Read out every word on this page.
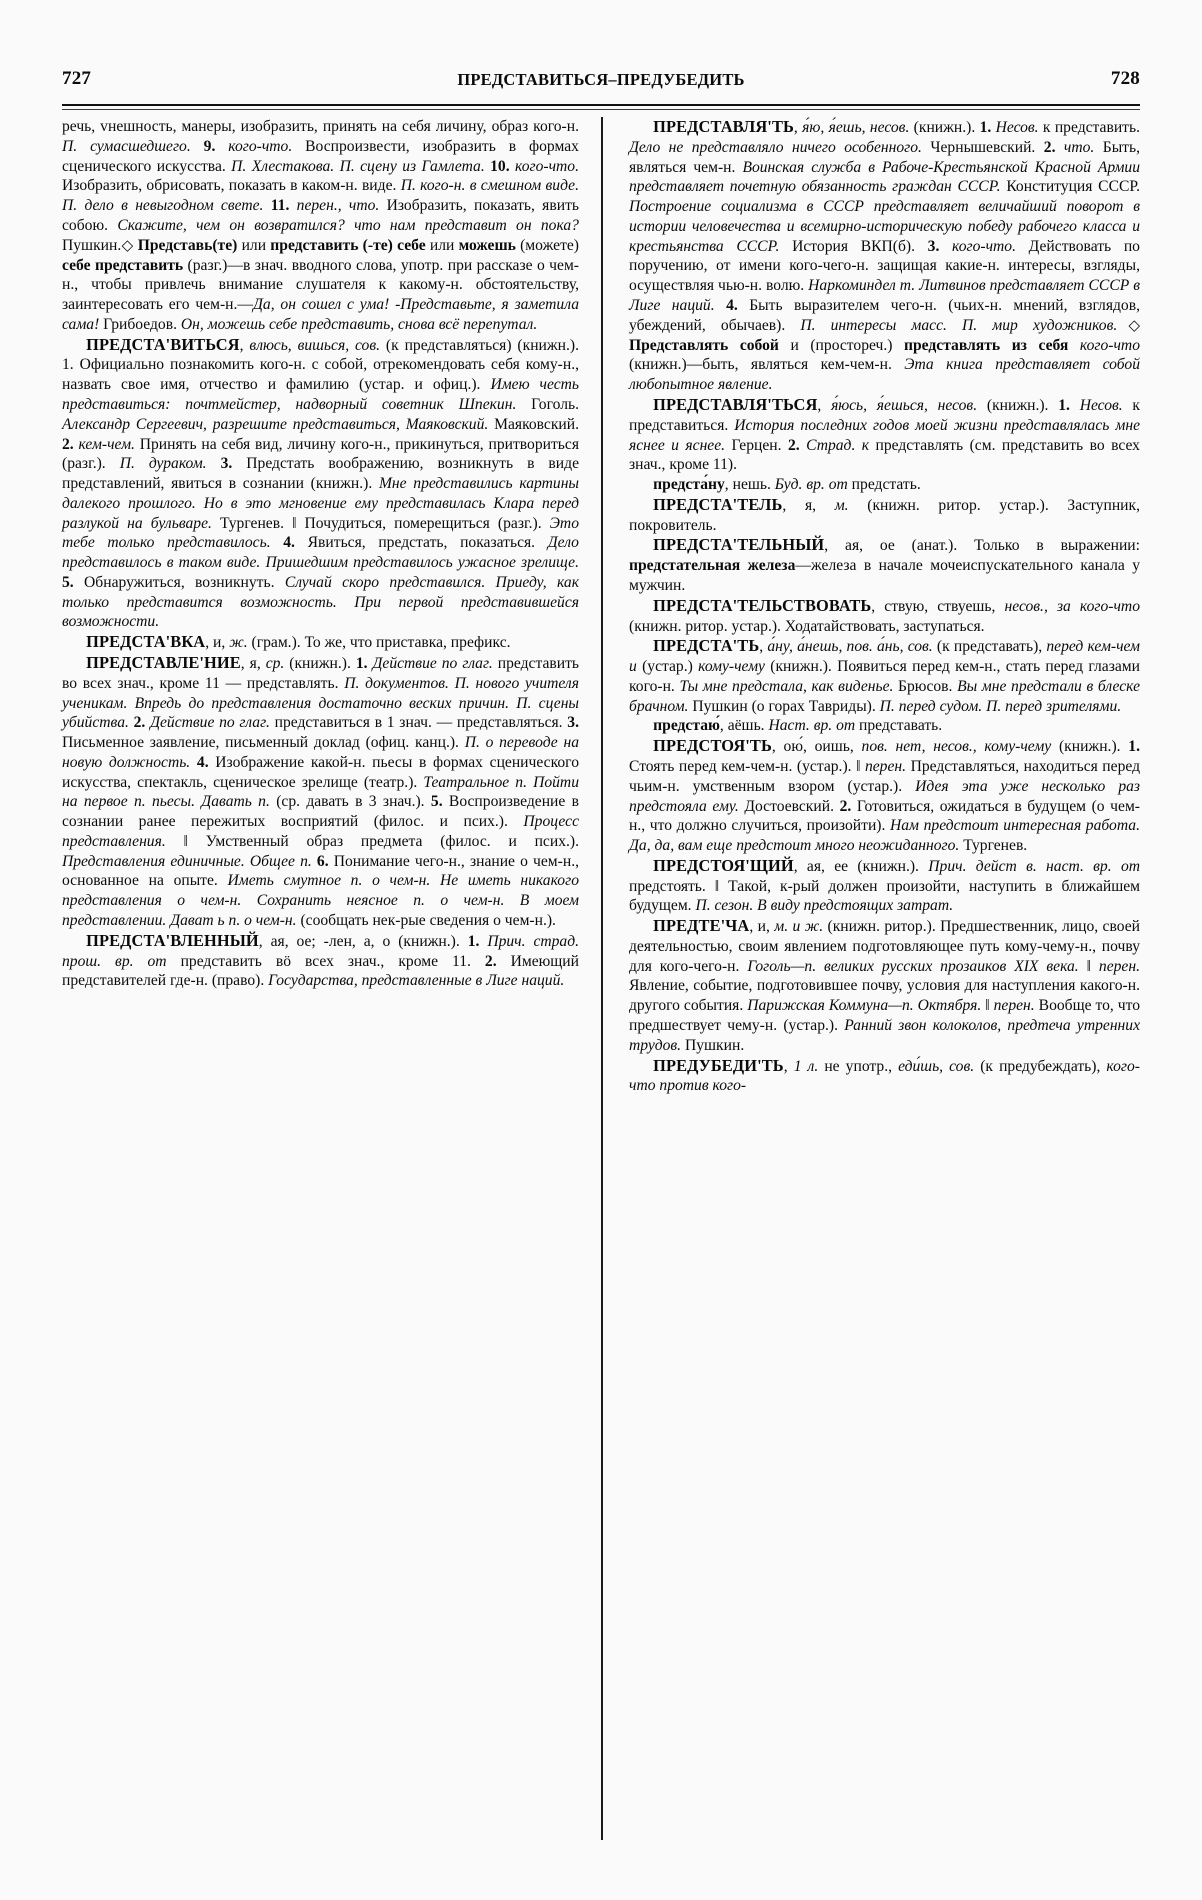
727	ПРЕДСТАВИТЬСЯ–ПРЕДУБЕДИТЬ	728

речь, ᴠнешность, манеры, изобразить, принять на себя личину, образ кого-н. П. сумасшедшего. 9. кого-что. Воспроизвести, изобразить в формах сценического искусства. П. Хлестакова. П. сцену из Гамлета. 10. кого-что. Изобразить, обрисовать, показать в каком-н. виде. П. кого-н. в смешном виде. П. дело в невыгодном свете. 11. перен., что. Изобразить, показать, явить собою. Скажите, чем он возвратился? что нам представит он пока? Пушкин.◇ Представь(те) или представить (-те) себе или можешь (можете) себе представить (разг.)—в знач. вводного слова, употр. при рассказе о чем-н., чтобы привлечь внимание слушателя к какому-н. обстоятельству, заинтересовать его чем-н.—Да, он сошел с ума! -Представьте, я заметила сама! Грибоедов. Он, можешь себе представить, снова всё перепутал.

ПРЕДСТА'ВИТЬСЯ, влюсь, вишься, сов. (к представляться) (книжн.). 1. Официально познакомить кого-н. с собой, отрекомендовать себя кому-н., назвать свое имя, отчество и фамилию (устар. и офиц.). Имею честь представиться: почтмейстер, надворный советник Шпекин. Гоголь. Александр Сергеевич, разрешите представиться, Маяковский. Маяковский. 2. кем-чем. Принять на себя вид, личину кого-н., прикинуться, притвориться (разг.). П. дураком. 3. Предстать воображению, возникнуть в виде представлений, явиться в сознании (книжн.). Мне представились картины далекого прошлого. Но в это мгновение ему представилась Клара перед разлукой на бульваре. Тургенев. ‖ Почудиться, померещиться (разг.). Это тебе только представилось. 4. Явиться, предстать, показаться. Дело представилось в таком виде. Пришедшим представилось ужасное зрелище. 5. Обнаружиться, возникнуть. Случай скоро представился. Приеду, как только представится возможность. При первой представившейся возможности.

ПРЕДСТА'ВКА, и, ж. (грам.). То же, что приставка, префикс.

ПРЕДСТАВЛЕ'НИЕ, я, ср. (книжн.). 1. Действие по глаг. представить во всех знач., кроме 11 — представлять. П. документов. П. нового учителя ученикам. Впредь до представления достаточно веских причин. П. сцены убийства. 2. Действие по глаг. представиться в 1 знач. — представляться. 3. Письменное заявление, письменный доклад (офиц. канц.). П. о переводе на новую должность. 4. Изображение какой-н. пьесы в формах сценического искусства, спектакль, сценическое зрелище (театр.). Театральное п. Пойти на первое п. пьесы. Давать п. (ср. давать в 3 знач.). 5. Воспроизведение в сознании ранее пережитых восприятий (филос. и псих.). Процесс представления. ‖ Умственный образ предмета (филос. и псих.). Представления единичные. Общее п. 6. Понимание чего-н., знание о чем-н., основанное на опыте. Иметь смутное п. о чем-н. Не иметь никакого представления о чем-н. Сохранить неясное п. о чем-н. В моем представлении. Дават ь п. о чем-н. (сообщать нек-рые сведения о чем-н.).

ПРЕДСТА'ВЛЕННЫЙ, ая, ое; -лен, а, о (книжн.). 1. Прич. страд. прош. вр. от представить вӧ всех знач., кроме 11. 2. Имеющий представителей где-н. (право). Государства, представленные в Лиге наций.

ПРЕДСТАВЛЯ'ТЬ, я́ю, я́ешь, несов. (книжн.). 1. Несов. к представить. Дело не представляло ничего особенного. Чернышевский. 2. что. Быть, являться чем-н. Воинская служба в Рабоче-Крестьянской Красной Армии представляет почетную обязанность граждан СССР. Конституция СССР. Построение социализма в СССР представляет величайший поворот в истории человечества и всемирно-историческую победу рабочего класса и крестьянства СССР. История ВКП(б). 3. кого-что. Действовать по поручению, от имени кого-чего-н. защищая какие-н. интересы, взгляды, осуществляя чью-н. волю. Наркоминдел т. Литвинов представляет СССР в Лиге наций. 4. Быть выразителем чего-н. (чьих-н. мнений, взглядов, убеждений, обычаев). П. интересы масс. П. мир художников.◇ Представлять собой и (простореч.) представлять из себя кого-что (книжн.)—быть, являться кем-чем-н. Эта книга представляет собой любопытное явление.

ПРЕДСТАВЛЯ'ТЬСЯ, я́юсь, я́ешься, несов. (книжн.). 1. Несов. к представиться. История последних годов моей жизни представлялась мне яснее и яснее. Герцен. 2. Страд. к представлять (см. представить во всех знач., кроме 11).

предста́ну, нешь. Буд. вр. от предстать.

ПРЕДСТА'ТЕЛЬ, я, м. (книжн. ритор. устар.). Заступник, покровитель.

ПРЕДСТА'ТЕЛЬНЫЙ, ая, ое (анат.). Только в выражении: предстательная железа—железа в начале мочеиспускательного канала у мужчин.

ПРЕДСТА'ТЕЛЬСТВОВАТЬ, ствую, ствуешь, несов., за кого-что (книжн. ритор. устар.). Ходатайствовать, заступаться.

ПРЕДСТА'ТЬ, а́ну, а́нешь, пов. а́нь, сов. (к представать), перед кем-чем и (устар.) кому-чему (книжн.). Появиться перед кем-н., стать перед глазами кого-н. Ты мне предстала, как виденье. Брюсов. Вы мне предстали в блеске брачном. Пушкин (о горах Тавриды). П. перед судом. П. перед зрителями.

предстаю́, аёшь. Наст. вр. от представать.

ПРЕДСТОЯ'ТЬ, ою́, оишь, пов. нет, несов., кому-чему (книжн.). 1. Стоять перед кем-чем-н. (устар.). ‖ перен. Представляться, находиться перед чьим-н. умственным взором (устар.). Идея эта уже несколько раз предстояла ему. Достоевский. 2. Готовиться, ожидаться в будущем (о чем-н., что должно случиться, произойти). Нам предстоит интересная работа. Да, да, вам еще предстоит много неожиданного. Тургенев.

ПРЕДСТОЯ'ЩИЙ, ая, ее (книжн.). Прич. дейст в. наст. вр. от предстоять. ‖ Такой, к-рый должен произойти, наступить в ближайшем будущем. П. сезон. В виду предстоящих затрат.

ПРЕДТЕ'ЧА, и, м. и ж. (книжн. ритор.). Предшественник, лицо, своей деятельностью, своим явлением подготовляющее путь кому-чему-н., почву для кого-чего-н. Гоголь—п. великих русских прозаиков XIX века. ‖ перен. Явление, событие, подготовившее почву, условия для наступления какого-н. другого события. Парижская Коммуна—п. Октября. ‖ перен. Вообще то, что предшествует чему-н. (устар.). Ранний звон колоколов, предтеча утренних трудов. Пушкин.

ПРЕДУБЕДИ'ТЬ, 1 л. не употр., еди́шь, сов. (к предубеждать), кого-что против кого-
